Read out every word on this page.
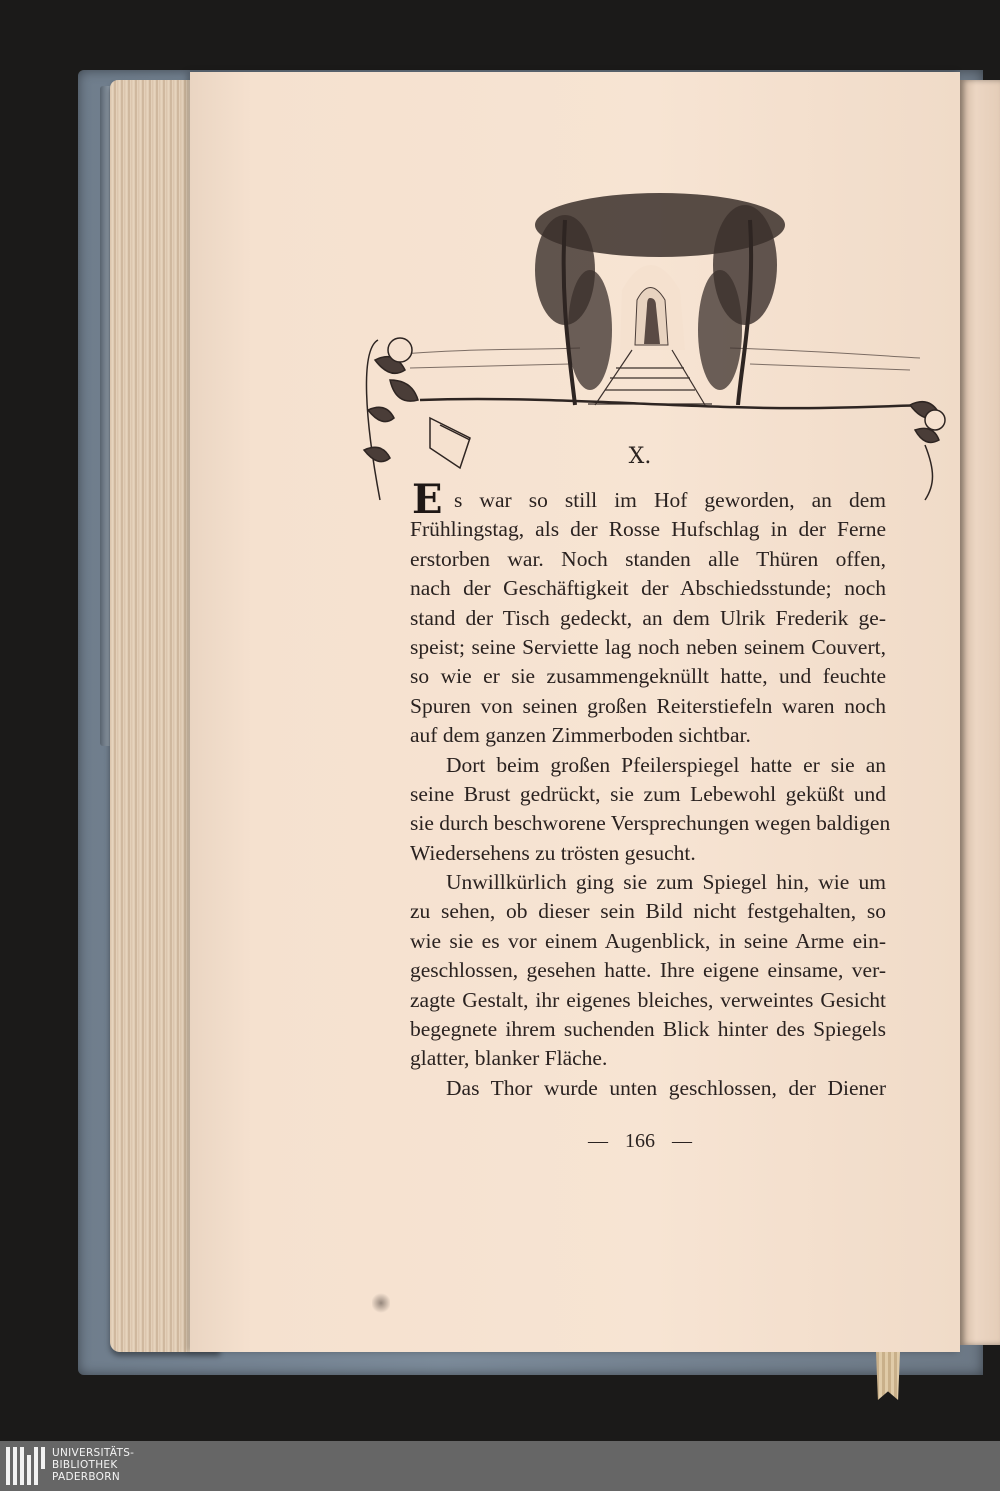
X.
E s war so still im Hof geworden, an dem
Frühlingstag, als der Rosse Hufschlag in der Ferne
erstorben war. Noch standen alle Thüren offen,
nach der Geschäftigkeit der Abschiedsstunde; noch
stand der Tisch gedeckt, an dem Ulrik Frederik ge-
speist; seine Serviette lag noch neben seinem Couvert,
so wie er sie zusammengeknüllt hatte, und feuchte
Spuren von seinen großen Reiterstiefeln waren noch
auf dem ganzen Zimmerboden sichtbar.
Dort beim großen Pfeilerspiegel hatte er sie an
seine Brust gedrückt, sie zum Lebewohl geküßt und
sie durch beschworene Versprechungen wegen baldigen
Wiedersehens zu trösten gesucht.
Unwillkürlich ging sie zum Spiegel hin, wie um
zu sehen, ob dieser sein Bild nicht festgehalten, so
wie sie es vor einem Augenblick, in seine Arme ein-
geschlossen, gesehen hatte. Ihre eigene einsame, ver-
zagte Gestalt, ihr eigenes bleiches, verweintes Gesicht
begegnete ihrem suchenden Blick hinter des Spiegels
glatter, blanker Fläche.
Das Thor wurde unten geschlossen, der Diener
— 166 —
UNIVERSITÄTS-
BIBLIOTHEK
PADERBORN
